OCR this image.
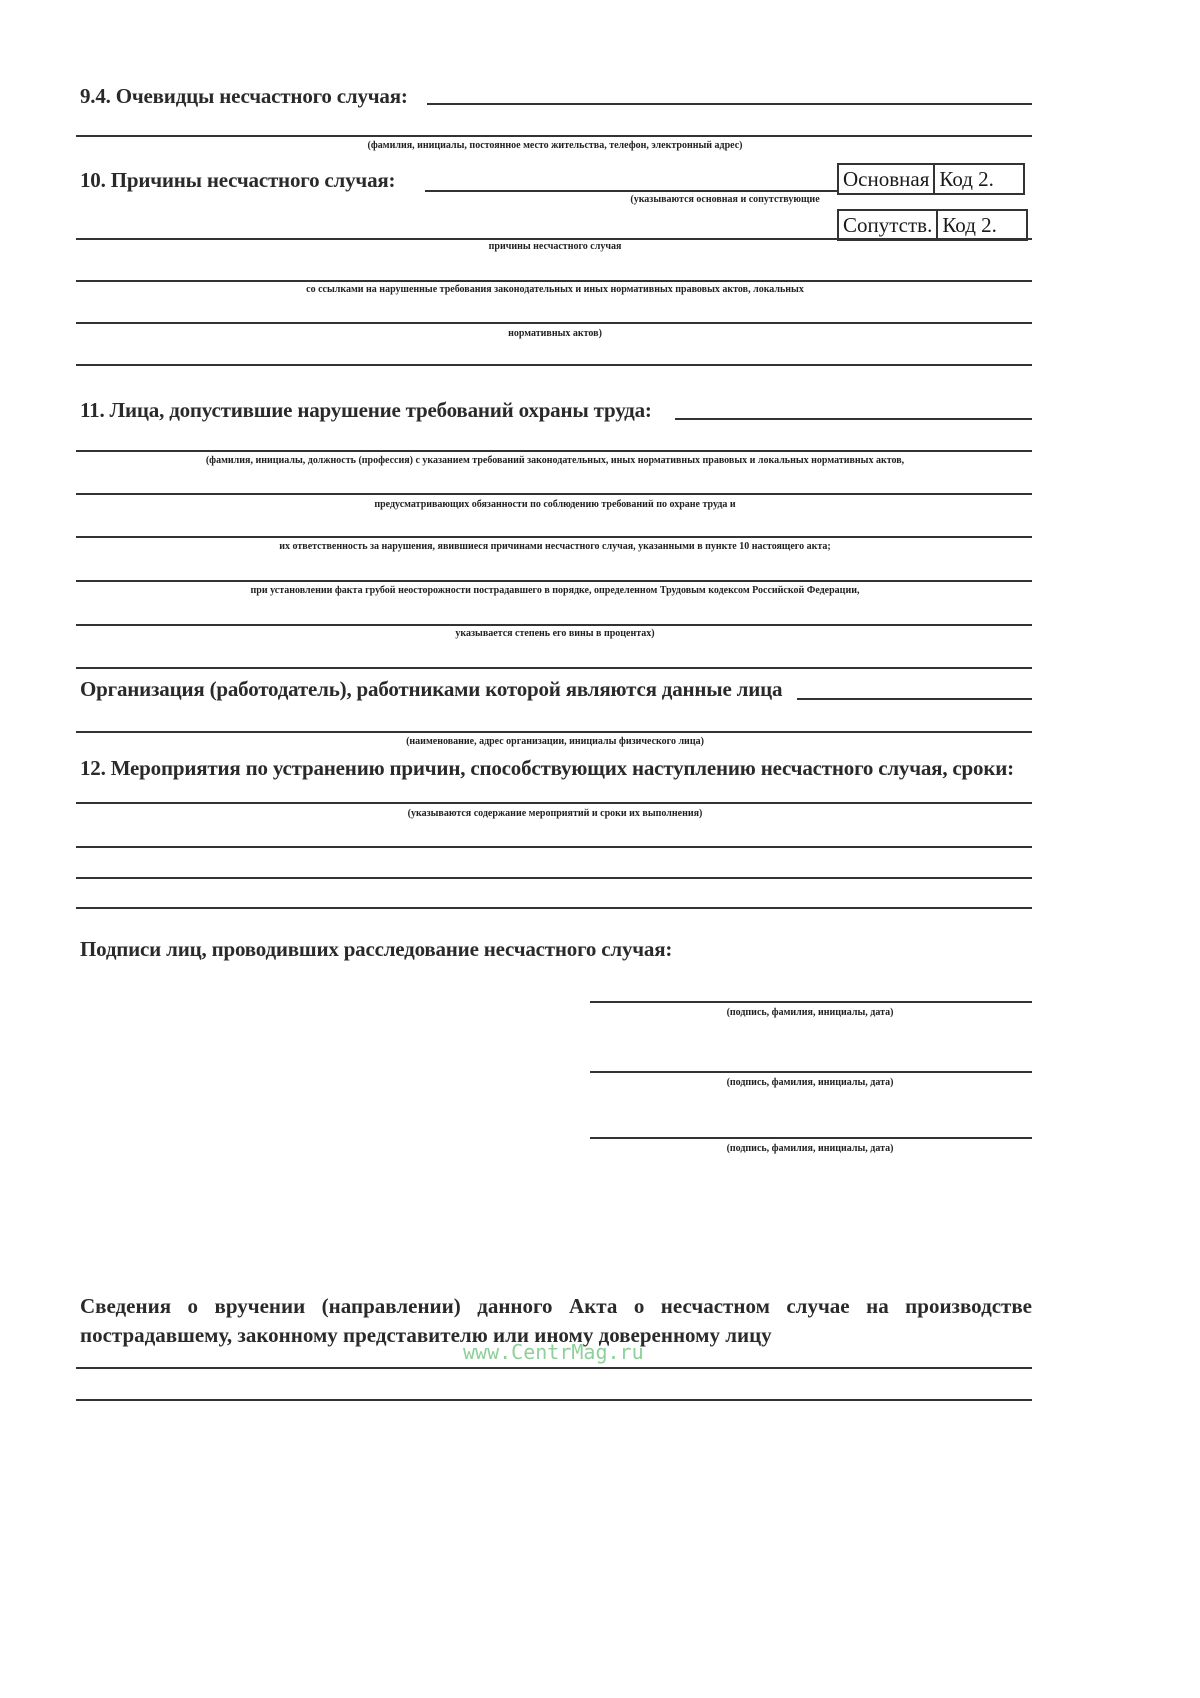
9.4. Очевидцы несчастного случая:
(фамилия, инициалы, постоянное место жительства, телефон, электронный адрес)
10. Причины несчастного случая:	Основная Код 2.
(указываются основная и сопутствующие
Сопутств. Код 2.
причины несчастного случая
со ссылками на нарушенные требования законодательных и иных нормативных правовых актов, локальных
нормативных актов)
11. Лица, допустившие нарушение требований охраны труда:
(фамилия, инициалы, должность (профессия) с указанием требований законодательных, иных нормативных правовых и локальных нормативных актов,
предусматривающих обязанности по соблюдению требований по охране труда и
их ответственность за нарушения, явившиеся причинами несчастного случая, указанными в пункте 10 настоящего акта;
при установлении факта грубой неосторожности пострадавшего в порядке, определенном Трудовым кодексом Российской Федерации,
указывается степень его вины в процентах)
Организация (работодатель), работниками которой являются данные лица
(наименование, адрес организации, инициалы физического лица)
12. Мероприятия по устранению причин, способствующих наступлению несчастного случая, сроки:
(указываются содержание мероприятий и сроки их выполнения)
Подписи лиц, проводивших расследование несчастного случая:
(подпись, фамилия, инициалы, дата)
(подпись, фамилия, инициалы, дата)
(подпись, фамилия, инициалы, дата)
Сведения о вручении (направлении) данного Акта о несчастном случае на производстве пострадавшему, законному представителю или иному доверенному лицу
www.CentrMag.ru
